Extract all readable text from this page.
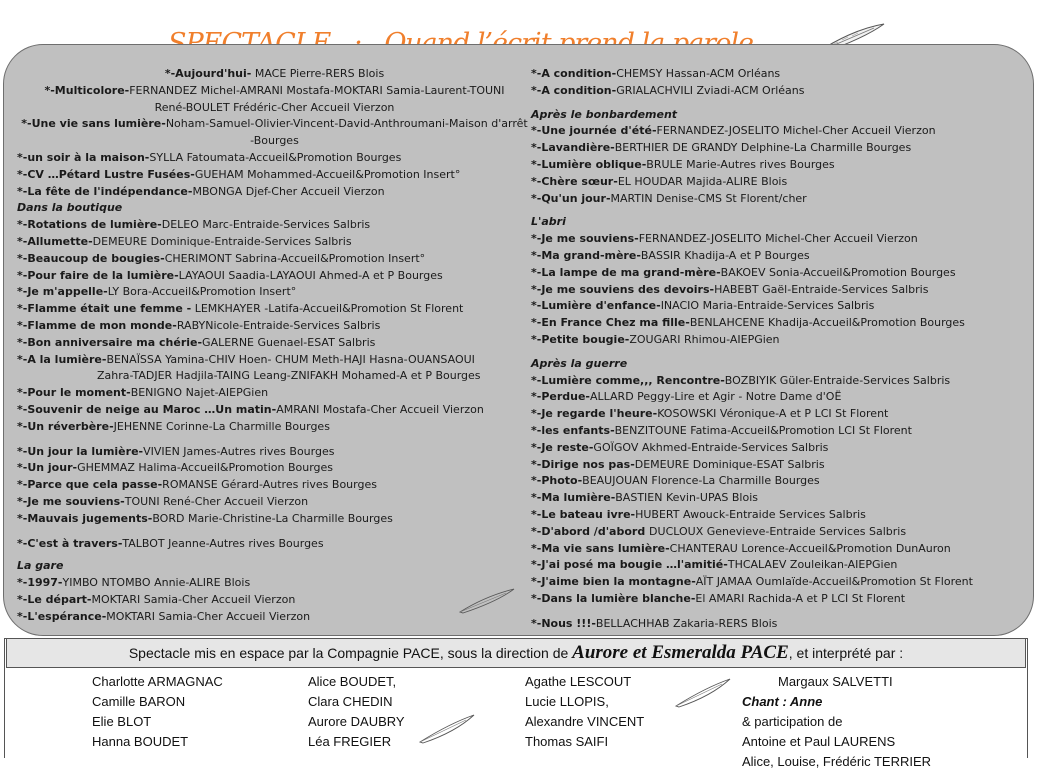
*-Aujourd'hui- MACE Pierre-RERS Blois
*-Multicolore-FERNANDEZ Michel-AMRANI Mostafa-MOKTARI Samia-Laurent-TOUNI René-BOULET Frédéric-Cher Accueil Vierzon
*-Une vie sans lumière-Noham-Samuel-Olivier-Vincent-David-Anthroumani-Maison d'arrêt -Bourges
*-un soir à la maison-SYLLA Fatoumata-Accueil&Promotion Bourges
*-CV …Pétard Lustre Fusées-GUEHAM Mohammed-Accueil&Promotion Insert°
*-La fête de l'indépendance-MBONGA Djef-Cher Accueil Vierzon
Dans la boutique
*-Rotations de lumière-DELEO Marc-Entraide-Services Salbris
*-Allumette-DEMEURE Dominique-Entraide-Services Salbris
*-Beaucoup de bougies-CHERIMONT Sabrina-Accueil&Promotion Insert°
*-Pour faire de la lumière-LAYAOUI Saadia-LAYAOUI Ahmed-A et P Bourges
*-Je m'appelle-LY Bora-Accueil&Promotion Insert°
*-Flamme était une femme - LEMKHAYER -Latifa-Accueil&Promotion St Florent
*-Flamme de mon monde-RABYNicole-Entraide-Services Salbris
*-Bon anniversaire ma chérie-GALERNE Guenael-ESAT Salbris
*-A la lumière-BENAÏSSA Yamina-CHIV Hoen- CHUM Meth-HAJI Hasna-OUANSAOUI
Zahra-TADJER Hadjila-TAING Leang-ZNIFAKH Mohamed-A et P Bourges
*-Pour le moment-BENIGNO Najet-AIEPGien
*-Souvenir de neige au Maroc …Un matin-AMRANI Mostafa-Cher Accueil Vierzon
*-Un réverbère-JEHENNE Corinne-La Charmille Bourges
*-Un jour la lumière-VIVIEN James-Autres rives Bourges
*-Un jour-GHEMMAZ Halima-Accueil&Promotion Bourges
*-Parce que cela passe-ROMANSE Gérard-Autres rives Bourges
*-Je me souviens-TOUNI René-Cher Accueil Vierzon
*-Mauvais jugements-BORD Marie-Christine-La Charmille Bourges
*-C'est à travers-TALBOT Jeanne-Autres rives Bourges
La gare
*-1997-YIMBO NTOMBO Annie-ALIRE Blois
*-Le départ-MOKTARI Samia-Cher Accueil Vierzon
*-L'espérance-MOKTARI Samia-Cher Accueil Vierzon
*-A condition-CHEMSY Hassan-ACM Orléans
*-A condition-GRIALACHVILI Zviadi-ACM Orléans
Après le bonbardement
*-Une journée d'été-FERNANDEZ-JOSELITO Michel-Cher Accueil Vierzon
*-Lavandière-BERTHIER DE GRANDY Delphine-La Charmille Bourges
*-Lumière oblique-BRULE Marie-Autres rives Bourges
*-Chère sœur-EL HOUDAR Majida-ALIRE Blois
*-Qu'un jour-MARTIN Denise-CMS St Florent/cher
L'abri
*-Je me souviens-FERNANDEZ-JOSELITO Michel-Cher Accueil Vierzon
*-Ma grand-mère-BASSIR Khadija-A et P Bourges
*-La lampe de ma grand-mère-BAKOEV Sonia-Accueil&Promotion Bourges
*-Je me souviens des devoirs-HABEBT Gaël-Entraide-Services Salbris
*-Lumière d'enfance-INACIO Maria-Entraide-Services Salbris
*-En France Chez ma fille-BENLAHCENE Khadija-Accueil&Promotion Bourges
*-Petite bougie-ZOUGARI Rhimou-AIEPGien
Après la guerre
*-Lumière comme,,, Rencontre-BOZBIYIK Güler-Entraide-Services Salbris
*-Perdue-ALLARD Peggy-Lire et Agir - Notre Dame d'OË
*-Je regarde l'heure-KOSOWSKI Véronique-A et P LCI St Florent
*-les enfants-BENZITOUNE Fatima-Accueil&Promotion LCI St Florent
*-Je reste-GOÏGOV Akhmed-Entraide-Services Salbris
*-Dirige nos pas-DEMEURE Dominique-ESAT Salbris
*-Photo-BEAUJOUAN Florence-La Charmille Bourges
*-Ma lumière-BASTIEN Kevin-UPAS Blois
*-Le bateau ivre-HUBERT Awouck-Entraide Services Salbris
*-D'abord /d'abord DUCLOUX Genevieve-Entraide Services Salbris
*-Ma vie sans lumière-CHANTERAU Lorence-Accueil&Promotion DunAuron
*-J'ai posé ma bougie …l'amitié-THCALAEV Zouleikan-AIEPGien
*-J'aime bien la montagne-AÏT JAMAA Oumlaïde-Accueil&Promotion St Florent
*-Dans la lumière blanche-El AMARI Rachida-A et P LCI St Florent
*-Nous !!!-BELLACHHAB Zakaria-RERS Blois
Spectacle mis en espace par la Compagnie PACE, sous la direction de Aurore et Esmeralda PACE, et interprété par :
Charlotte ARMAGNAC
Camille BARON
Elie BLOT
Hanna BOUDET
Alice BOUDET,
Clara CHEDIN
Aurore DAUBRY
Léa FREGIER
Agathe LESCOUT
Lucie LLOPIS,
Alexandre VINCENT
Thomas SAIFI
Margaux SALVETTI
Chant : Anne
& participation de
Antoine et Paul LAURENS
Alice, Louise, Frédéric TERRIER
